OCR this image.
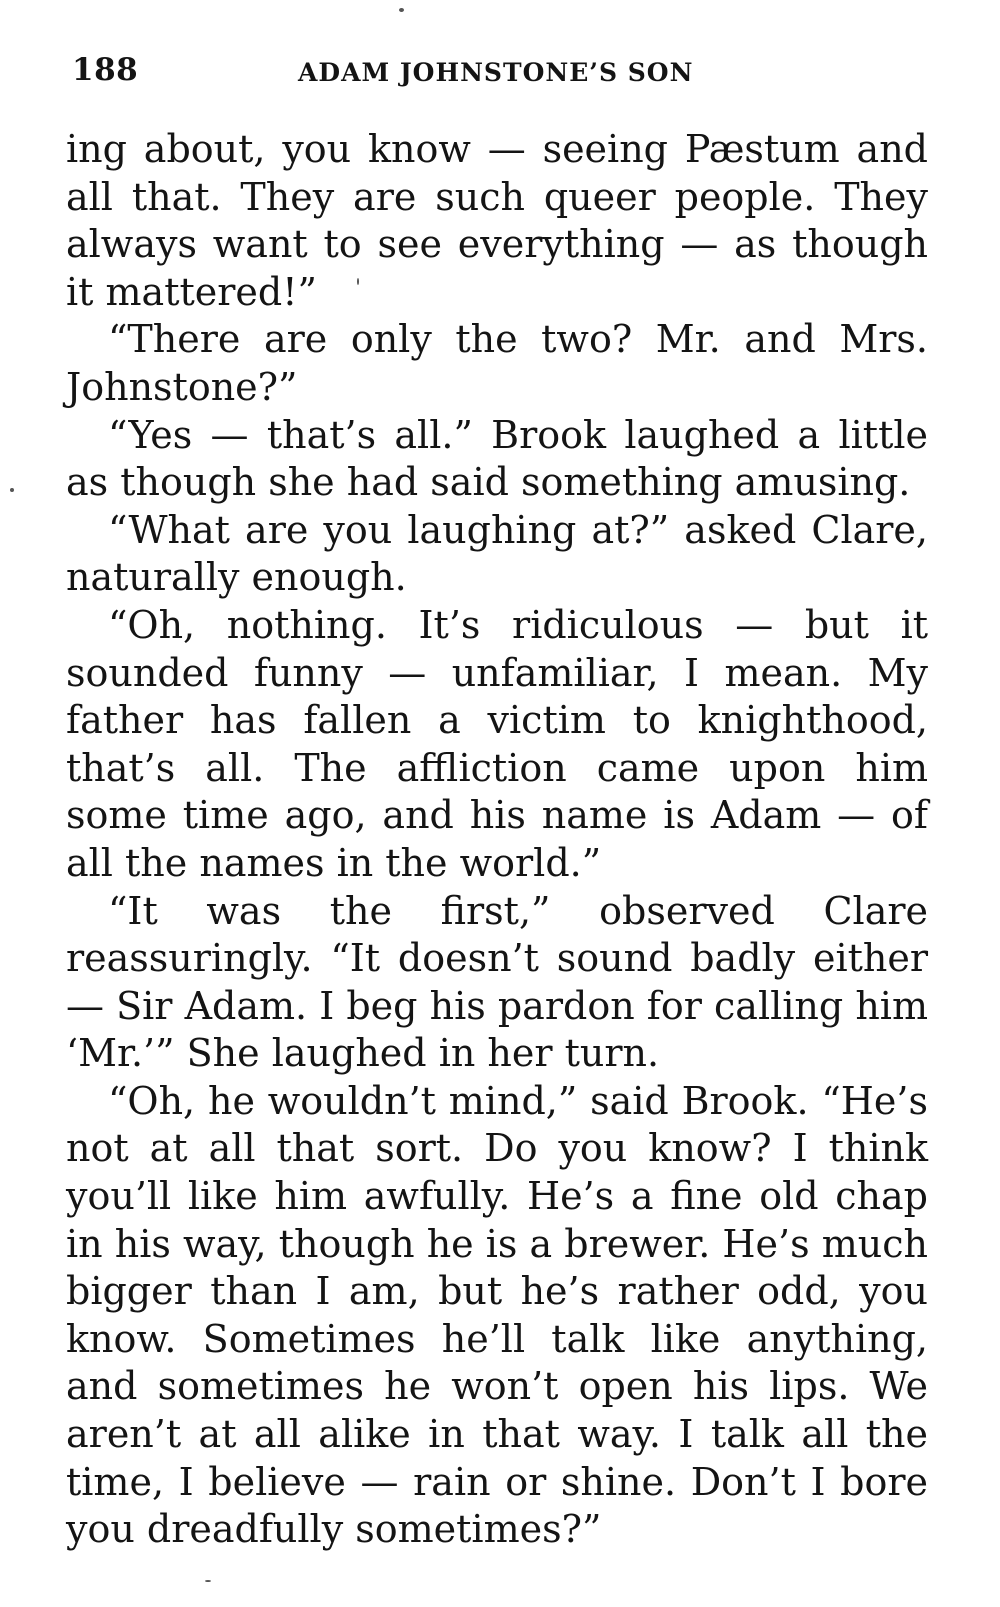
188	ADAM JOHNSTONE’S SON

ing about, you know — seeing Pæstum and all that. They are such queer people. They always want to see everything — as though it mattered!”

“There are only the two? Mr. and Mrs. Johnstone?”

“Yes — that’s all.” Brook laughed a little as though she had said something amusing.

“What are you laughing at?” asked Clare, naturally enough.

“Oh, nothing. It’s ridiculous — but it sounded funny — unfamiliar, I mean. My father has fallen a victim to knighthood, that’s all. The affliction came upon him some time ago, and his name is Adam — of all the names in the world.”

“It was the first,” observed Clare reassuringly. “It doesn’t sound badly either — Sir Adam. I beg his pardon for calling him ‘Mr.’” She laughed in her turn.

“Oh, he wouldn’t mind,” said Brook. “He’s not at all that sort. Do you know? I think you’ll like him awfully. He’s a fine old chap in his way, though he is a brewer. He’s much bigger than I am, but he’s rather odd, you know. Sometimes he’ll talk like anything, and sometimes he won’t open his lips. We aren’t at all alike in that way. I talk all the time, I believe — rain or shine. Don’t I bore you dreadfully sometimes?”
